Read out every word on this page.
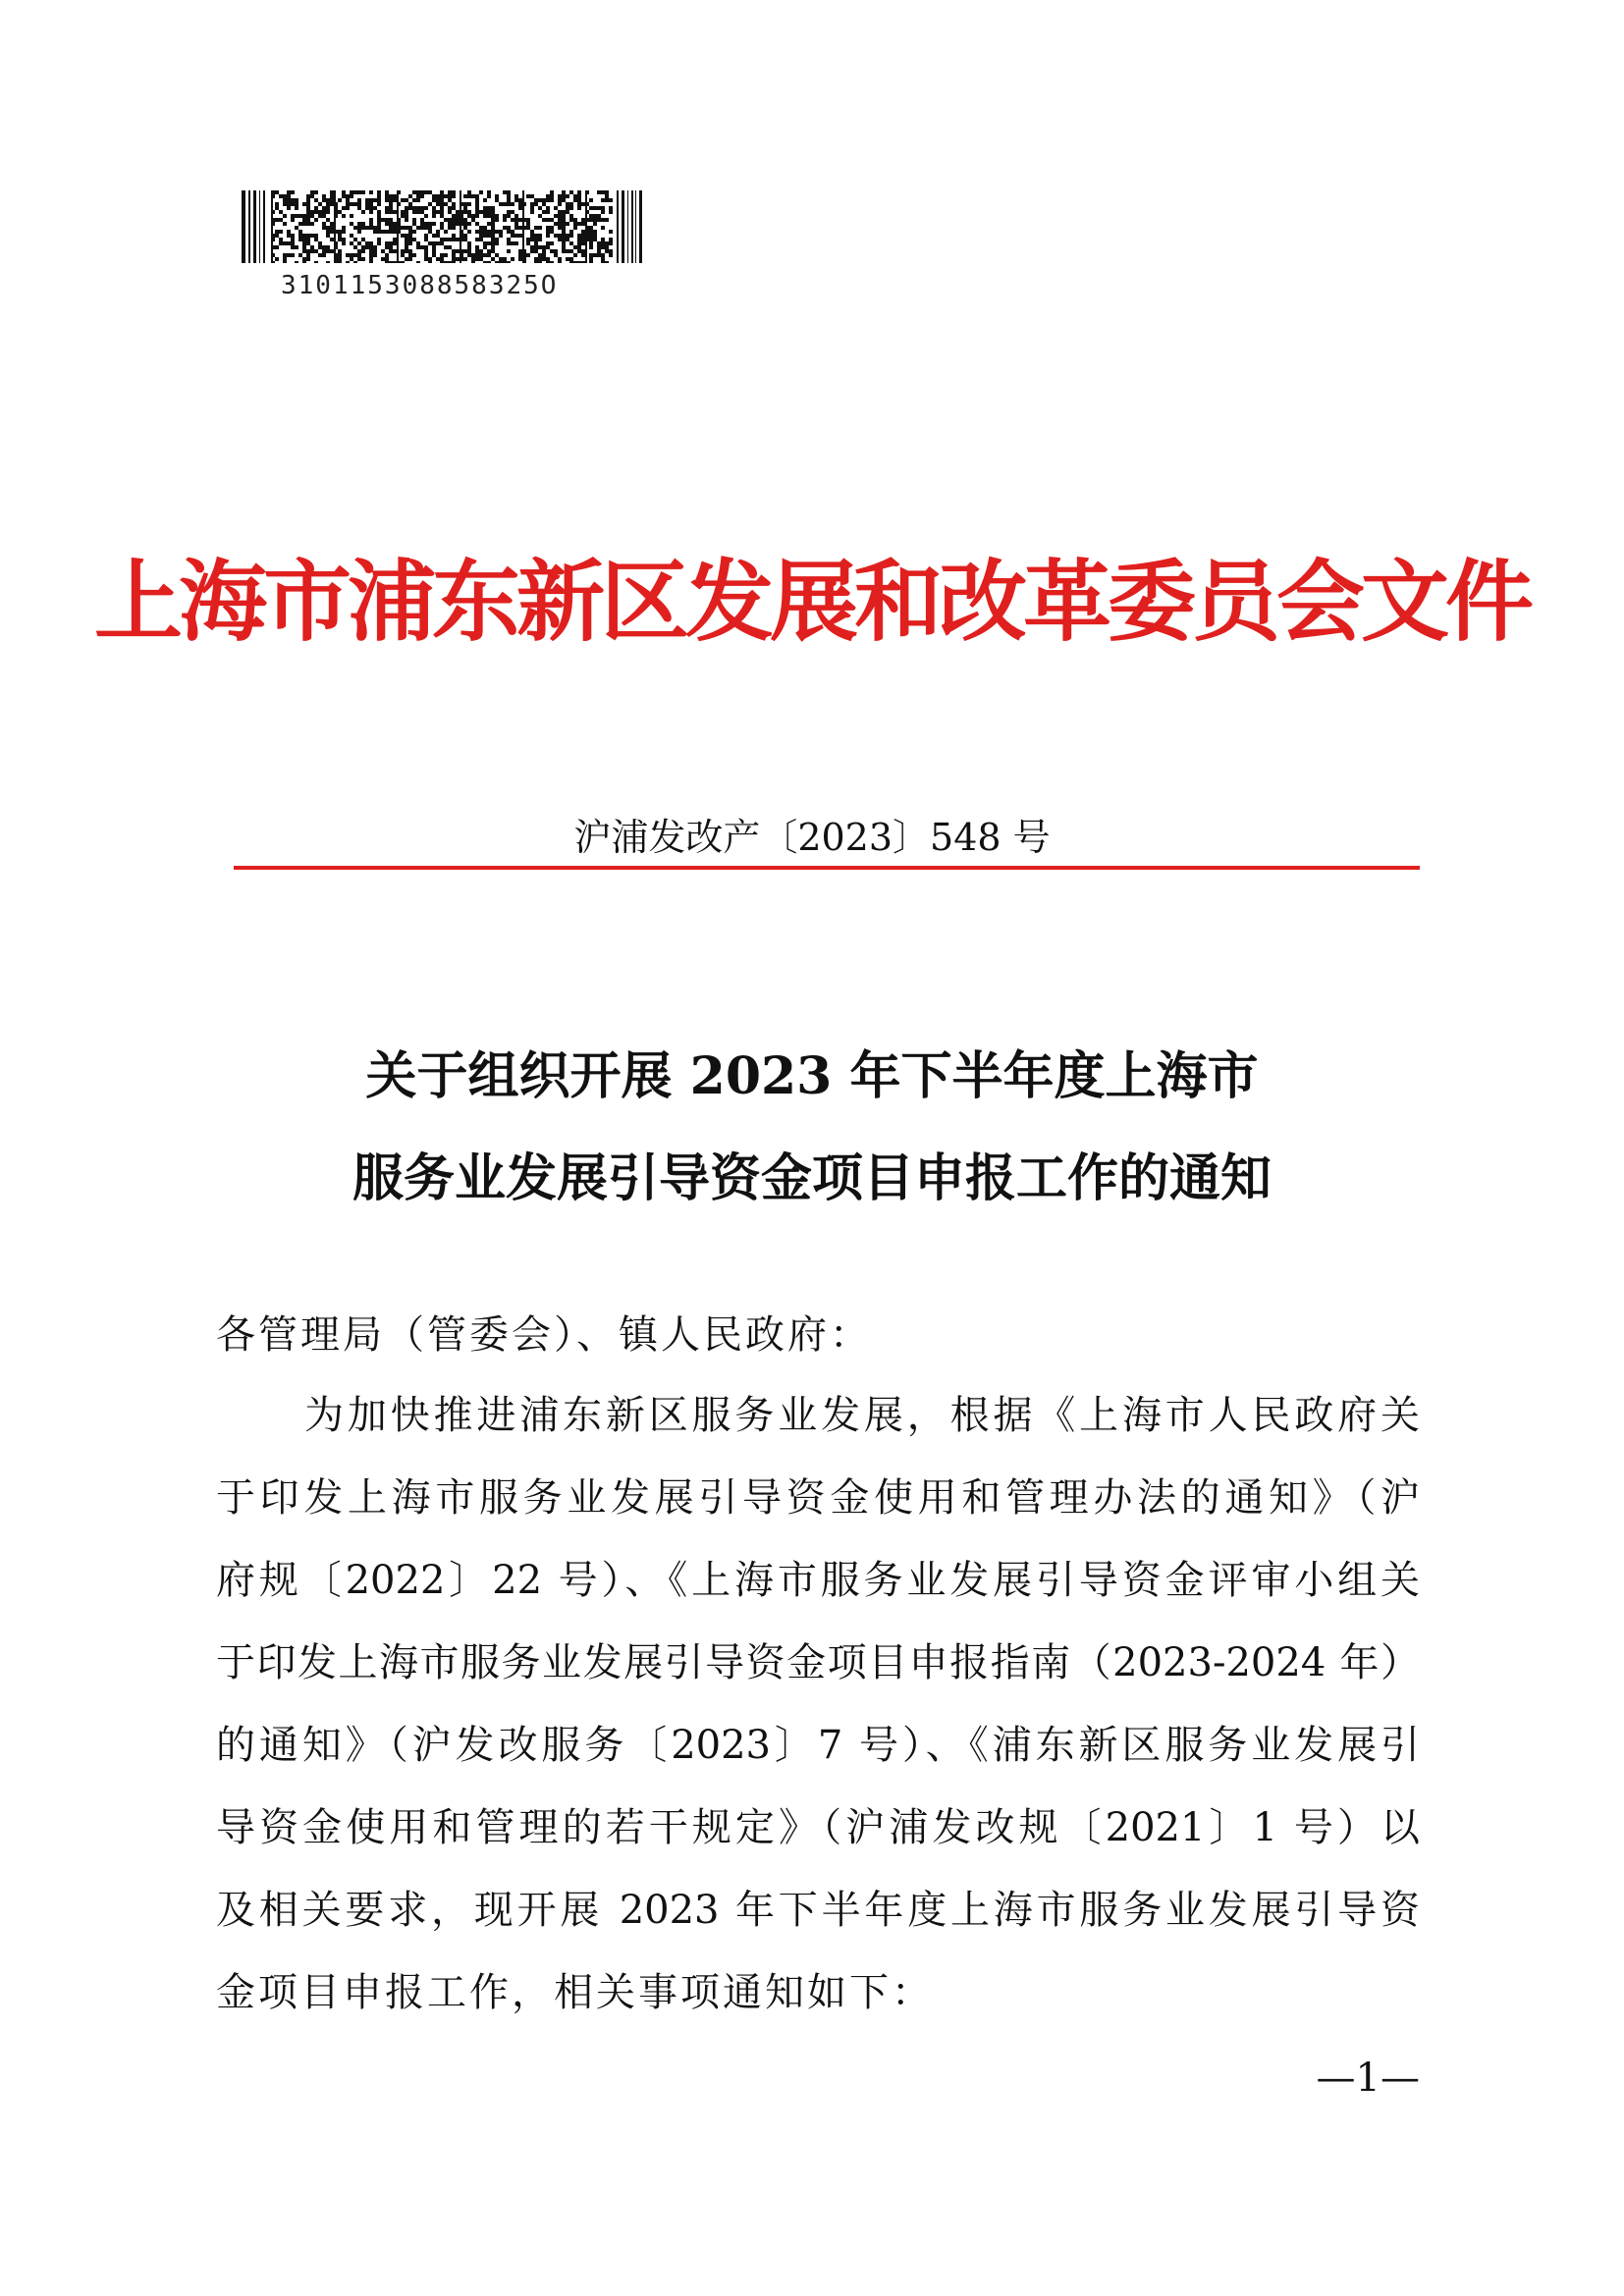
310115308858325O
上海市浦东新区发展和改革委员会文件
沪浦发改产〔2023〕548 号
关于组织开展 2023 年下半年度上海市
服务业发展引导资金项目申报工作的通知
各管理局（管委会）、镇人民政府：
为加快推进浦东新区服务业发展，根据《上海市人民政府关
于印发上海市服务业发展引导资金使用和管理办法的通知》（沪
府规〔2022〕22 号）、《上海市服务业发展引导资金评审小组关
于印发上海市服务业发展引导资金项目申报指南（2023-2024 年）
的通知》（沪发改服务〔2023〕7 号）、《浦东新区服务业发展引
导资金使用和管理的若干规定》（沪浦发改规〔2021〕1 号）以
及相关要求，现开展 2023 年下半年度上海市服务业发展引导资
金项目申报工作，相关事项通知如下：
—1—
